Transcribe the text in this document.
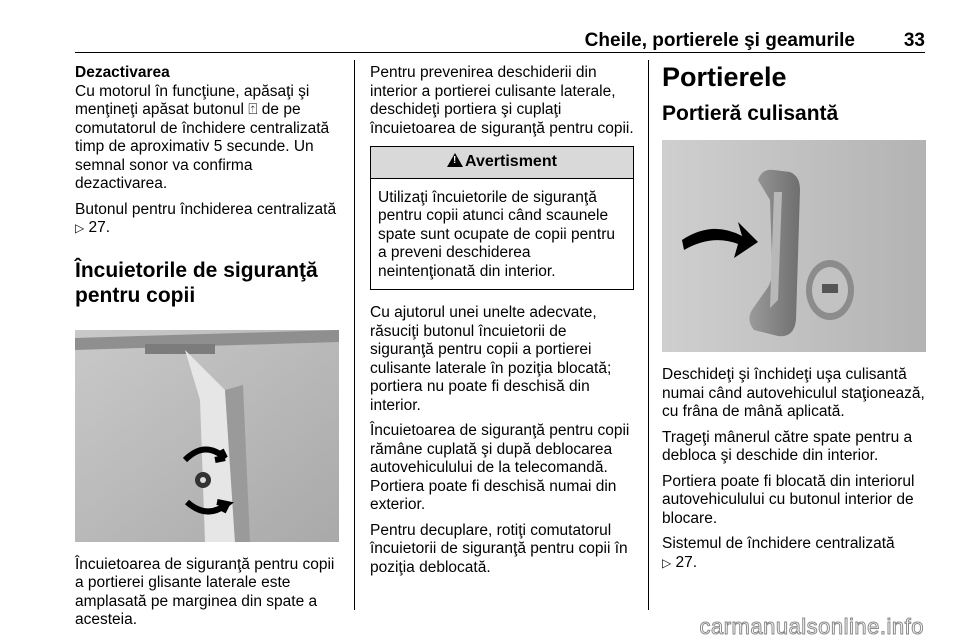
Cheile, portierele şi geamurile	33

Dezactivarea

Cu motorul în funcţiune, apăsaţi şi menţineţi apăsat butonul ⍐ de pe comutatorul de închidere centralizată timp de aproximativ 5 secunde. Un semnal sonor va confirma dezactivarea.

Butonul pentru închiderea centralizată ▷ 27.

Încuietorile de siguranţă pentru copii

Încuietoarea de siguranţă pentru copii a portierei glisante laterale este amplasată pe marginea din spate a acesteia.

Pentru prevenirea deschiderii din interior a portierei culisante laterale, deschideţi portiera şi cuplaţi încuietoarea de siguranţă pentru copii.

! Avertisment
Utilizaţi încuietorile de siguranţă pentru copii atunci când scaunele spate sunt ocupate de copii pentru a preveni deschiderea neintenţionată din interior.

Cu ajutorul unei unelte adecvate, răsuciţi butonul încuietorii de siguranţă pentru copii a portierei culisante laterale în poziţia blocată; portiera nu poate fi deschisă din interior.

Încuietoarea de siguranţă pentru copii rămâne cuplată şi după deblocarea autovehiculului de la telecomandă. Portiera poate fi deschisă numai din exterior.

Pentru decuplare, rotiţi comutatorul încuietorii de siguranţă pentru copii în poziţia deblocată.

Portierele
Portieră culisantă

Deschideţi şi închideţi uşa culisantă numai când autovehiculul staţionează, cu frâna de mână aplicată.

Trageţi mânerul către spate pentru a debloca şi deschide din interior.

Portiera poate fi blocată din interiorul autovehiculului cu butonul interior de blocare.

Sistemul de închidere centralizată
▷ 27.

carmanualsonline.info
